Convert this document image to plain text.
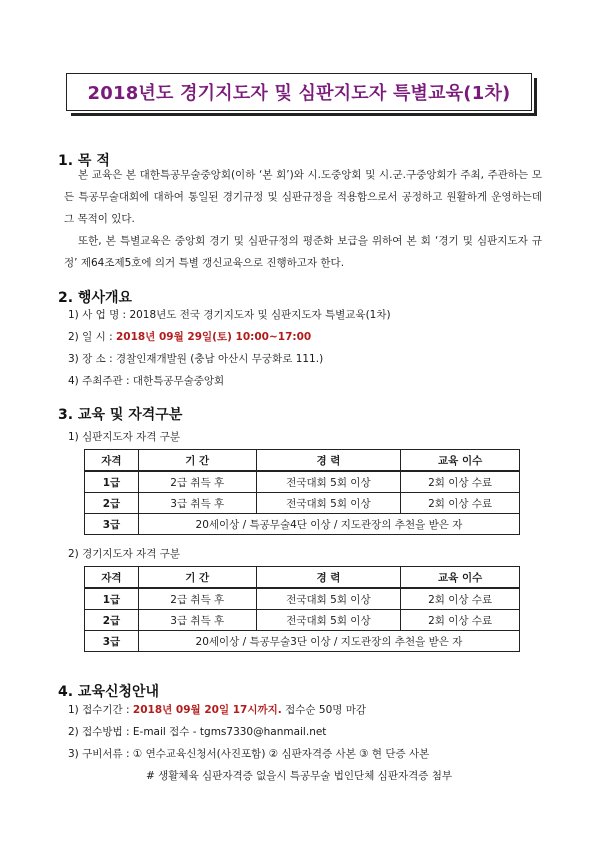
2018년도 경기지도자 및 심판지도자 특별교육(1차)
1. 목 적
본 교육은 본 대한특공무술중앙회(이하 ‘본 회’)와 시.도중앙회 및 시.군.구중앙회가 주최, 주관하는 모든 특공무술대회에 대하여 통일된 경기규정 및 심판규정을 적용함으로서 공정하고 원활하게 운영하는데 그 목적이 있다.
또한, 본 특별교육은 중앙회 경기 및 심판규정의 평준화 보급을 위하여 본 회 ‘경기 및 심판지도자 규정’ 제64조제5호에 의거 특별 갱신교육으로 진행하고자 한다.
2. 행사개요
1) 사 업 명 : 2018년도 전국 경기지도자 및 심판지도자 특별교육(1차)
2) 일 시 : 2018년 09월 29일(토) 10:00~17:00
3) 장 소 : 경찰인재개발원 (충남 아산시 무궁화로 111.)
4) 주최주관 : 대한특공무술중앙회
3. 교육 및 자격구분
1) 심판지도자 자격 구분
자격	기 간	경 력	교육 이수
1급	2급 취득 후	전국대회 5회 이상	2회 이상 수료
2급	3급 취득 후	전국대회 5회 이상	2회 이상 수료
3급	20세이상 / 특공무술4단 이상 / 지도관장의 추천을 받은 자		
2) 경기지도자 자격 구분
자격	기 간	경 력	교육 이수
1급	2급 취득 후	전국대회 5회 이상	2회 이상 수료
2급	3급 취득 후	전국대회 5회 이상	2회 이상 수료
3급	20세이상 / 특공무술3단 이상 / 지도관장의 추천을 받은 자		
4. 교육신청안내
1) 접수기간 : 2018년 09월 20일 17시까지. 접수순 50명 마감
2) 접수방법 : E-mail 접수 - tgms7330@hanmail.net
3) 구비서류 : ① 연수교육신청서(사진포함) ② 심판자격증 사본 ③ 현 단증 사본
# 생활체육 심판자격증 없을시 특공무술 법인단체 심판자격증 첨부
